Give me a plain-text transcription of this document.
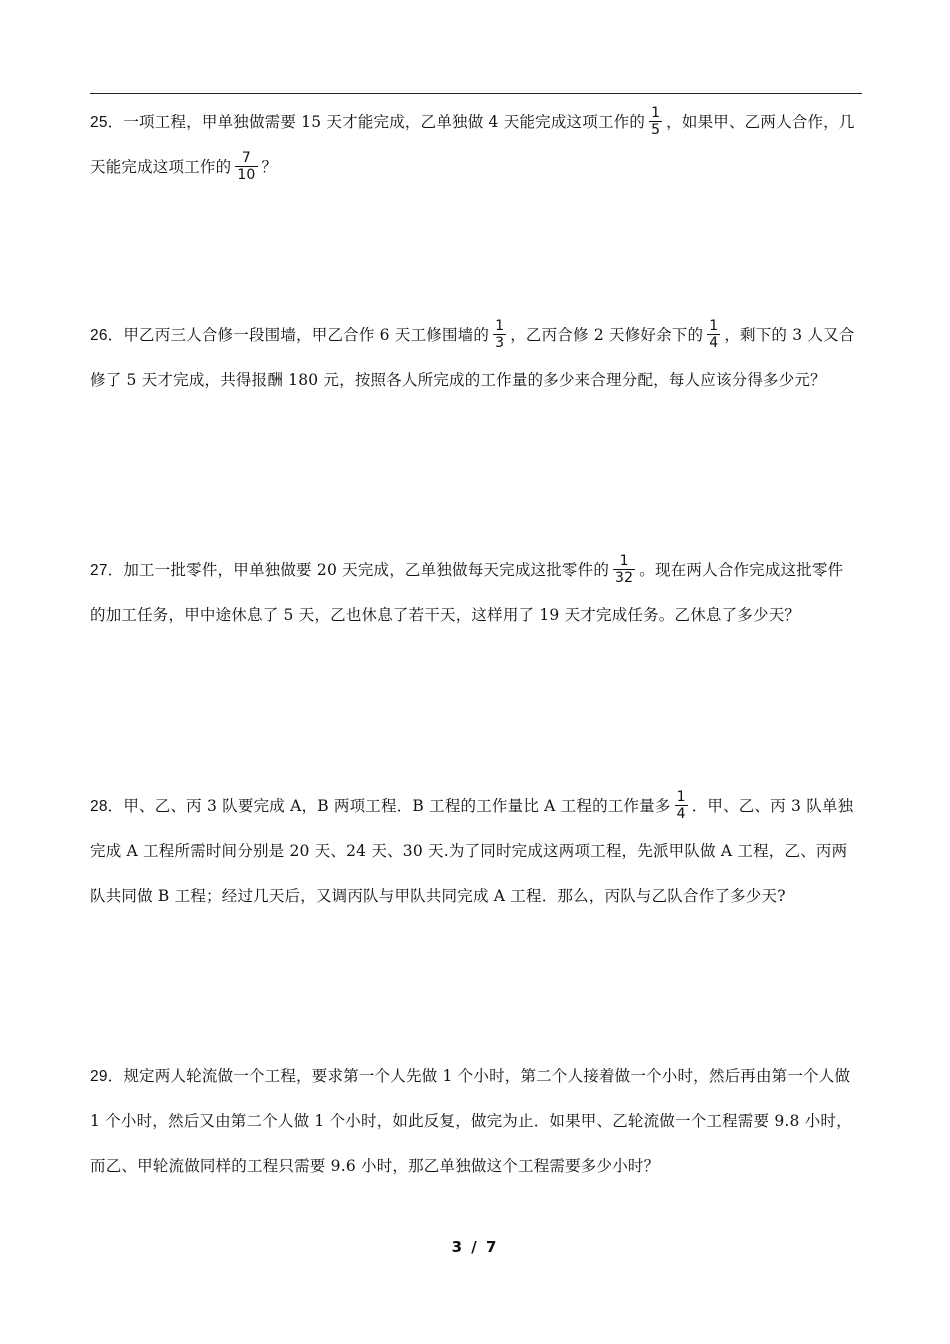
25．一项工程，甲单独做需要 15 天才能完成，乙单独做 4 天能完成这项工作的 $\frac{1}{5}$ ，如果甲、乙两人合作，几天能完成这项工作的 $\frac{7}{10}$ ？
26．甲乙丙三人合修一段围墙，甲乙合作 6 天工修围墙的 $\frac{1}{3}$ ，乙丙合修 2 天修好余下的 $\frac{1}{4}$ ，剩下的 3 人又合修了 5 天才完成，共得报酬 180 元，按照各人所完成的工作量的多少来合理分配，每人应该分得多少元？
27．加工一批零件，甲单独做要 20 天完成，乙单独做每天完成这批零件的 $\frac{1}{32}$ 。现在两人合作完成这批零件的加工任务，甲中途休息了 5 天，乙也休息了若干天，这样用了 19 天才完成任务。乙休息了多少天？
28．甲、乙、丙 3 队要完成 A，B 两项工程．B 工程的工作量比 A 工程的工作量多 $\frac{1}{4}$ ．甲、乙、丙 3 队单独完成 A 工程所需时间分别是 20 天、24 天、30 天.为了同时完成这两项工程，先派甲队做 A 工程，乙、丙两队共同做 B 工程；经过几天后，又调丙队与甲队共同完成 A 工程．那么，丙队与乙队合作了多少天?
29．规定两人轮流做一个工程，要求第一个人先做 1 个小时，第二个人接着做一个小时，然后再由第一个人做 1 个小时，然后又由第二个人做 1 个小时，如此反复，做完为止．如果甲、乙轮流做一个工程需要 9.8 小时，而乙、甲轮流做同样的工程只需要 9.6 小时，那乙单独做这个工程需要多少小时？
3 / 7
